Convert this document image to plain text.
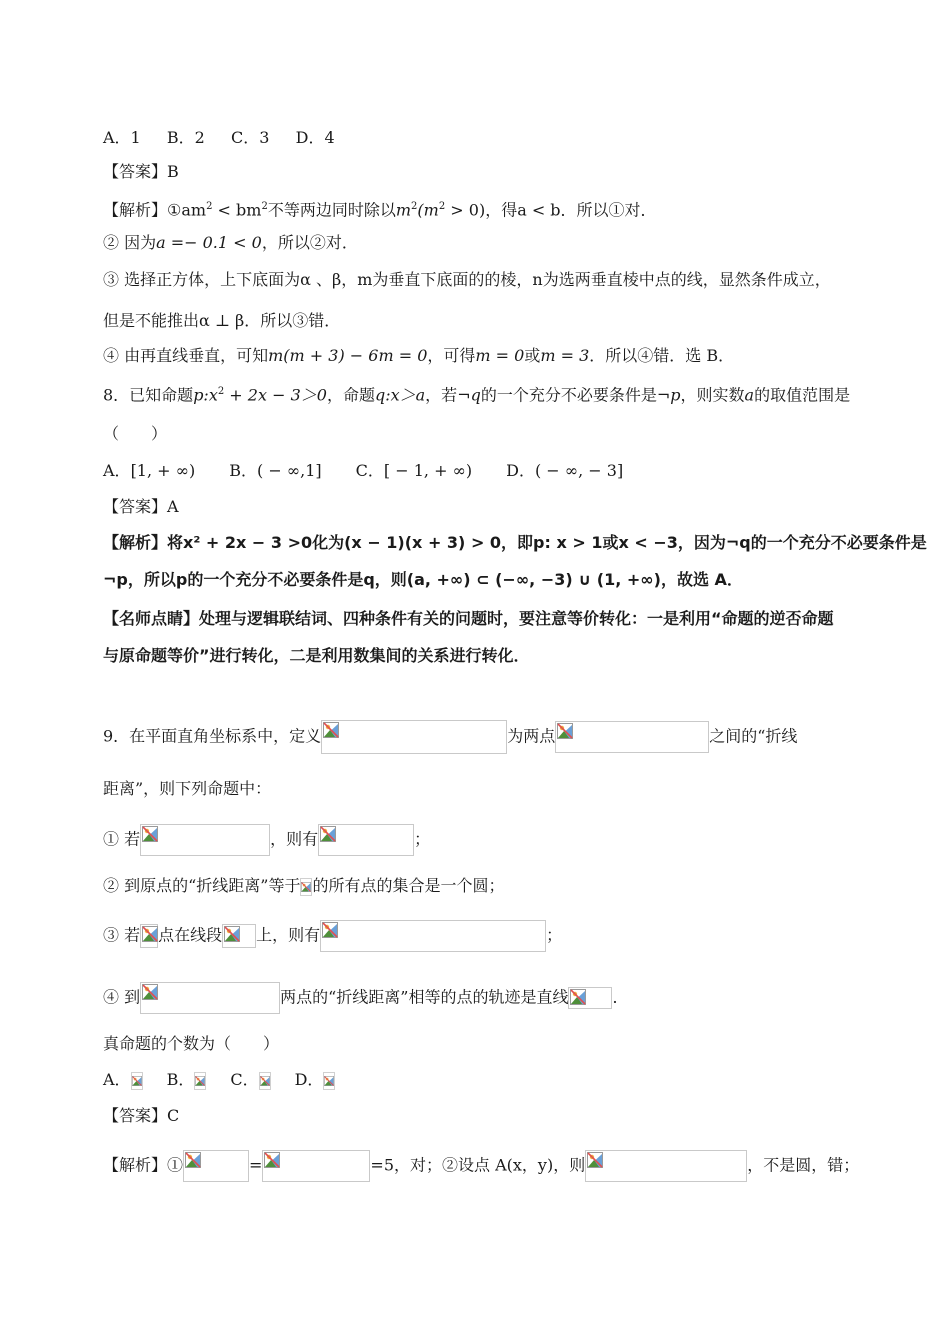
A．1 　 B．2 　 C．3 　 D．4
【答案】B
【解析】$①am^2 < bm^2$不等两边同时除以$m^2(m^2 > 0)$，得a < b．所以①对．
② 因为a =− 0.1 < 0，所以②对．
③ 选择正方体，上下底面为α 、β，m为垂直下底面的的棱，n为选两垂直棱中点的线，显然条件成立，
但是不能推出α ⊥ β．所以③错．
④ 由再直线垂直，可知m(m + 3) − 6m = 0，可得m = 0或m = 3．所以④错．选 B．
8．已知命题$p:x^2 + 2x - 3>0$，命题q:x＞a，若¬q的一个充分不必要条件是¬p，则实数a的取值范围是
（　　）
A．[1, + ∞) B．( − ∞,1] C．[ − 1, + ∞) D．( − ∞, − 3]
【答案】A
【解析】将x² + 2x − 3 >0化为(x − 1)(x + 3) > 0，即p: x > 1或x < −3，因为¬q的一个充分不必要条件是
¬p，所以p的一个充分不必要条件是q，则(a, +∞) ⊂ (−∞, −3) ∪ (1, +∞)，故选 A．
【名师点睛】处理与逻辑联结词、四种条件有关的问题时，要注意等价转化：一是利用“命题的逆否命题
与原命题等价”进行转化，二是利用数集间的关系进行转化．
9．在平面直角坐标系中，定义	为两点	之间的“折线
距离”，则下列命题中：
① 若	，则有	；
② 到原点的“折线距离”等于 的所有点的集合是一个圆；
③ 若 点在线段 上，则有	；
④ 到	两点的“折线距离”相等的点的轨迹是直线	．
真命题的个数为（　　）
A． B． C． D．
【答案】C
【解析】①	=	=5，对；②设点 A(x，y)，则	，不是圆，错；
